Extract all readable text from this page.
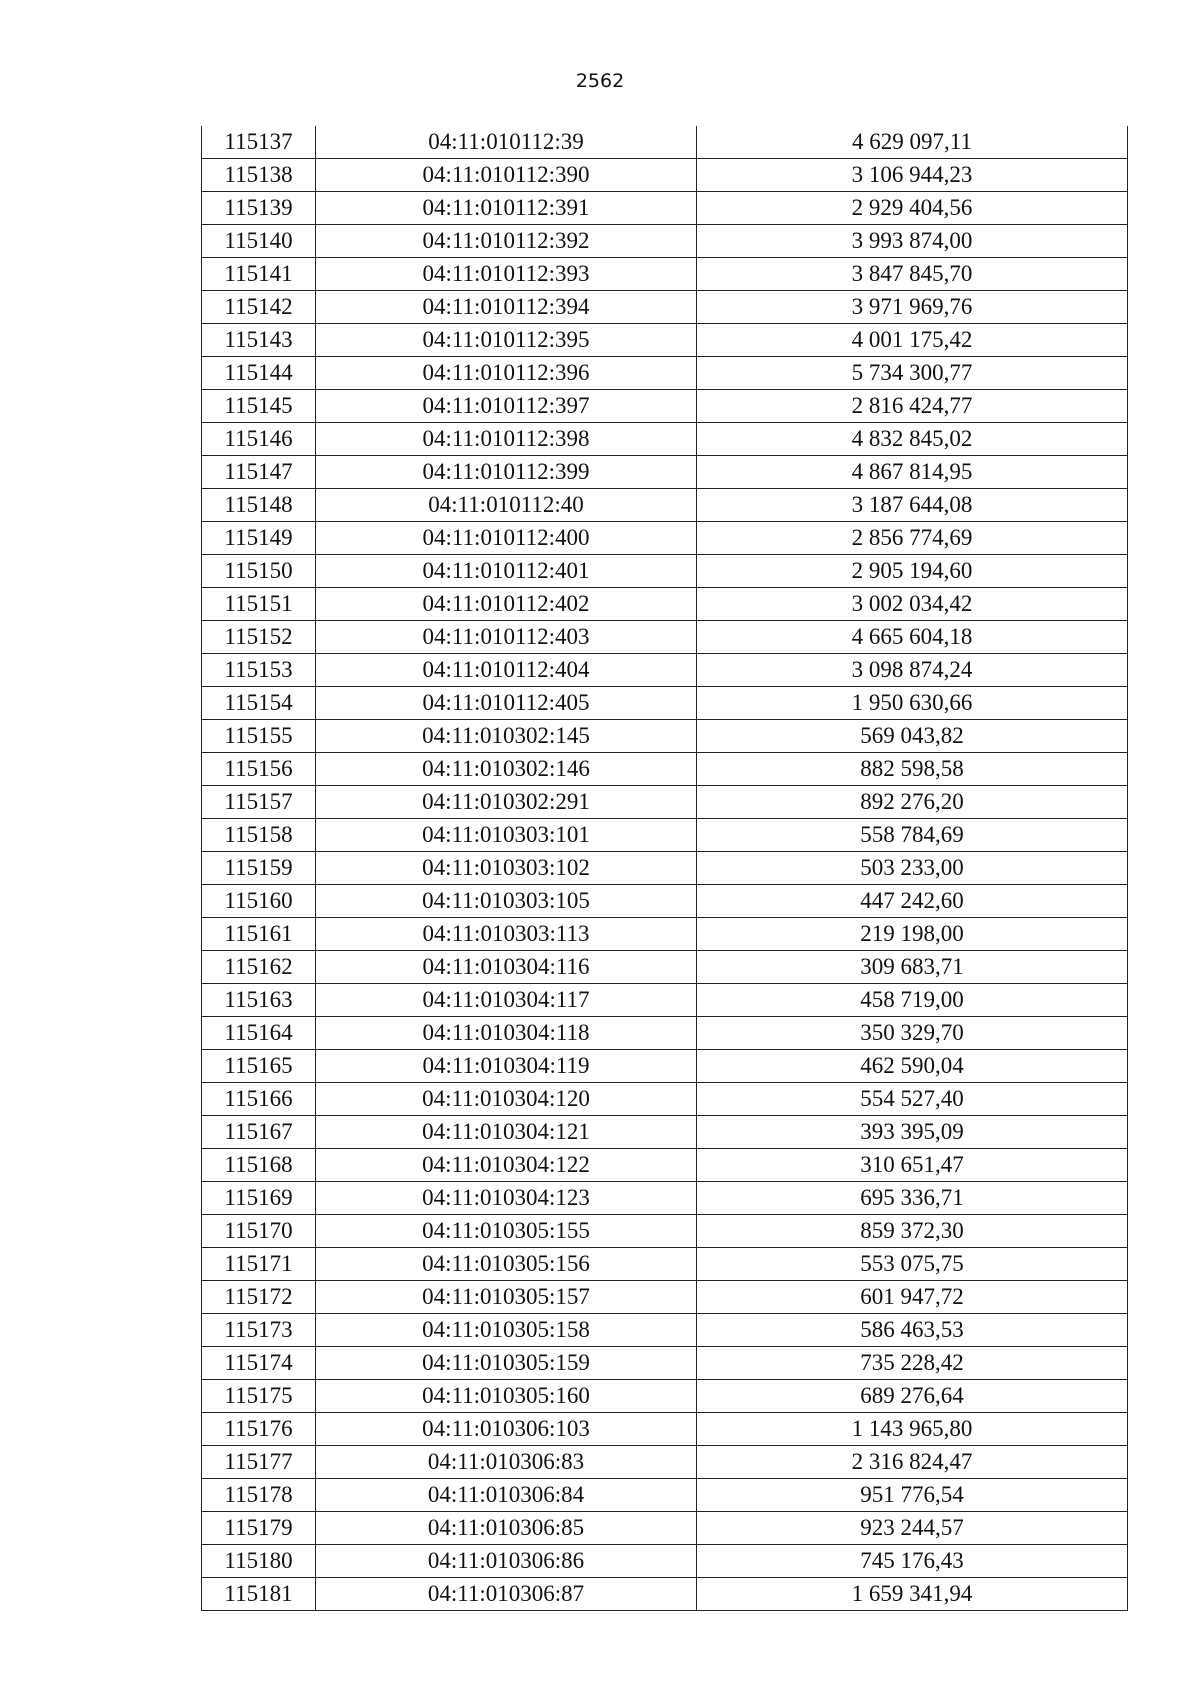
2562
115137	04:11:010112:39	4 629 097,11
115138	04:11:010112:390	3 106 944,23
115139	04:11:010112:391	2 929 404,56
115140	04:11:010112:392	3 993 874,00
115141	04:11:010112:393	3 847 845,70
115142	04:11:010112:394	3 971 969,76
115143	04:11:010112:395	4 001 175,42
115144	04:11:010112:396	5 734 300,77
115145	04:11:010112:397	2 816 424,77
115146	04:11:010112:398	4 832 845,02
115147	04:11:010112:399	4 867 814,95
115148	04:11:010112:40	3 187 644,08
115149	04:11:010112:400	2 856 774,69
115150	04:11:010112:401	2 905 194,60
115151	04:11:010112:402	3 002 034,42
115152	04:11:010112:403	4 665 604,18
115153	04:11:010112:404	3 098 874,24
115154	04:11:010112:405	1 950 630,66
115155	04:11:010302:145	569 043,82
115156	04:11:010302:146	882 598,58
115157	04:11:010302:291	892 276,20
115158	04:11:010303:101	558 784,69
115159	04:11:010303:102	503 233,00
115160	04:11:010303:105	447 242,60
115161	04:11:010303:113	219 198,00
115162	04:11:010304:116	309 683,71
115163	04:11:010304:117	458 719,00
115164	04:11:010304:118	350 329,70
115165	04:11:010304:119	462 590,04
115166	04:11:010304:120	554 527,40
115167	04:11:010304:121	393 395,09
115168	04:11:010304:122	310 651,47
115169	04:11:010304:123	695 336,71
115170	04:11:010305:155	859 372,30
115171	04:11:010305:156	553 075,75
115172	04:11:010305:157	601 947,72
115173	04:11:010305:158	586 463,53
115174	04:11:010305:159	735 228,42
115175	04:11:010305:160	689 276,64
115176	04:11:010306:103	1 143 965,80
115177	04:11:010306:83	2 316 824,47
115178	04:11:010306:84	951 776,54
115179	04:11:010306:85	923 244,57
115180	04:11:010306:86	745 176,43
115181	04:11:010306:87	1 659 341,94
